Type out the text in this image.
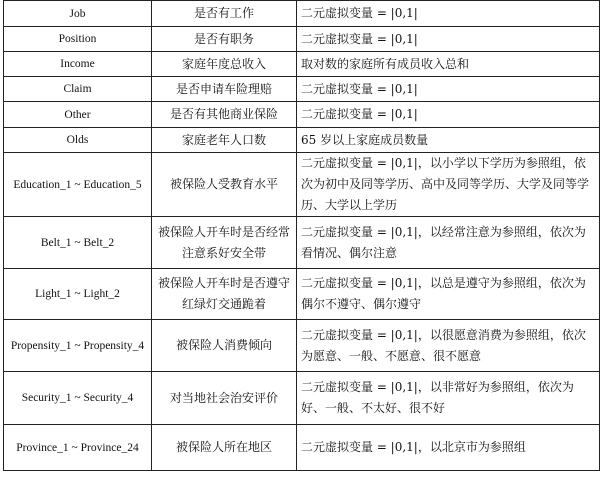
Job	是否有工作	二元虚拟变量 = |0,1|
Position	是否有职务	二元虚拟变量 = |0,1|
Income	家庭年度总收入	取对数的家庭所有成员收入总和
Claim	是否申请车险理赔	二元虚拟变量 = |0,1|
Other	是否有其他商业保险	二元虚拟变量 = |0,1|
Olds	家庭老年人口数	65 岁以上家庭成员数量
Education_1 ~ Education_5	被保险人受教育水平	二元虚拟变量 = |0,1|，以小学以下学历为参照组，依次为初中及同等学历、高中及同等学历、大学及同等学历、大学以上学历
Belt_1 ~ Belt_2	被保险人开车时是否经常注意系好安全带	二元虚拟变量 = |0,1|，以经常注意为参照组，依次为看情况、偶尔注意
Light_1 ~ Light_2	被保险人开车时是否遵守红绿灯交通跪着	二元虚拟变量 = |0,1|，以总是遵守为参照组，依次为偶尔不遵守、偶尔遵守
Propensity_1 ~ Propensity_4	被保险人消费倾向	二元虚拟变量 = |0,1|，以很愿意消费为参照组，依次为愿意、一般、不愿意、很不愿意
Security_1 ~ Security_4	对当地社会治安评价	二元虚拟变量 = |0,1|，以非常好为参照组，依次为好、一般、不太好、很不好
Province_1 ~ Province_24	被保险人所在地区	二元虚拟变量 = |0,1|，以北京市为参照组
